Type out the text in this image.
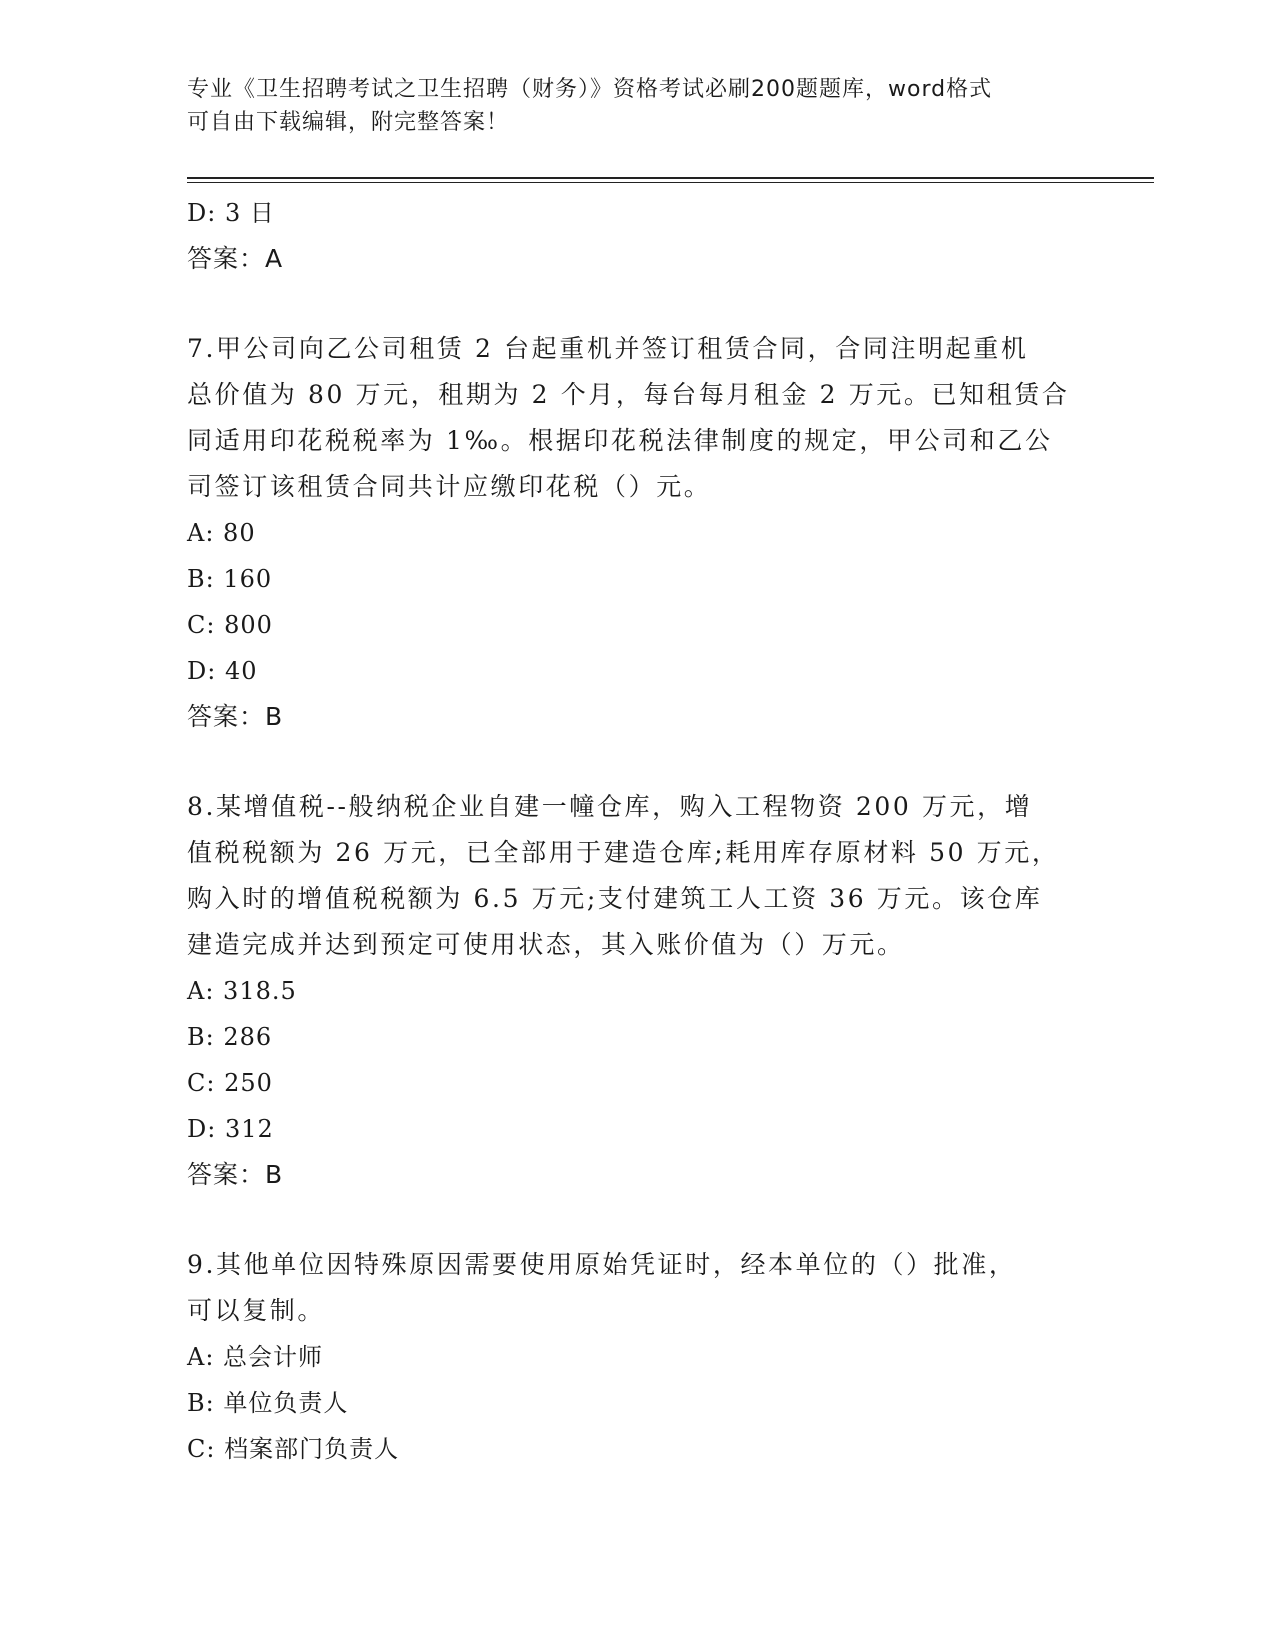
专业《卫生招聘考试之卫生招聘（财务）》资格考试必刷200题题库，word格式
可自由下载编辑，附完整答案！
D: 3 日
答案：A
7.甲公司向乙公司租赁 2 台起重机并签订租赁合同，合同注明起重机
总价值为 80 万元，租期为 2 个月，每台每月租金 2 万元。已知租赁合
同适用印花税税率为 1‰。根据印花税法律制度的规定，甲公司和乙公
司签订该租赁合同共计应缴印花税（）元。
A: 80
B: 160
C: 800
D: 40
答案：B
8.某增值税--般纳税企业自建一幢仓库，购入工程物资 200 万元，增
值税税额为 26 万元，已全部用于建造仓库;耗用库存原材料 50 万元，
购入时的增值税税额为 6.5 万元;支付建筑工人工资 36 万元。该仓库
建造完成并达到预定可使用状态，其入账价值为（）万元。
A: 318.5
B: 286
C: 250
D: 312
答案：B
9.其他单位因特殊原因需要使用原始凭证时，经本单位的（）批准，
可以复制。
A: 总会计师
B: 单位负责人
C: 档案部门负责人
